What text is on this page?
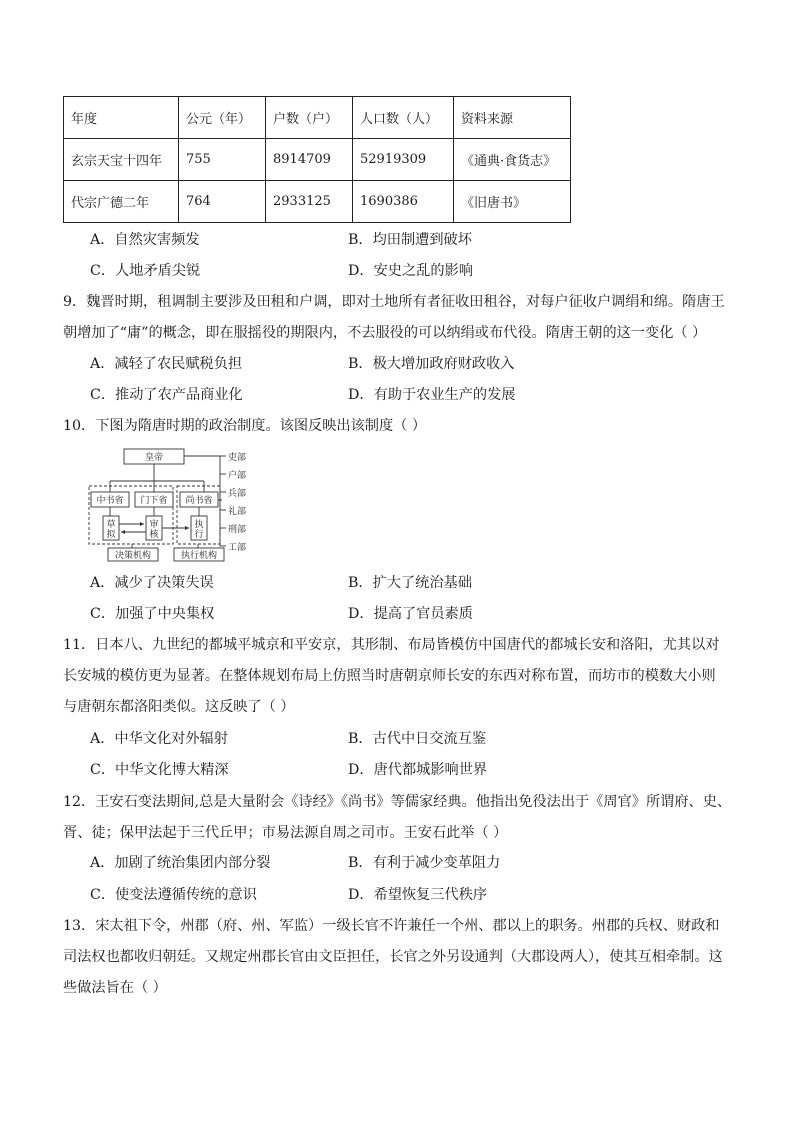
年度	公元（年）	户数（户）	人口数（人）	资料来源
玄宗天宝十四年	755	8914709	52919309	《通典·食货志》
代宗广德二年	764	2933125	1690386	《旧唐书》
A．自然灾害频发	B．均田制遭到破坏
C．人地矛盾尖锐	D．安史之乱的影响
9．魏晋时期，租调制主要涉及田租和户调，即对土地所有者征收田租谷，对每户征收户调绢和绵。隋唐王
朝增加了“庸”的概念，即在服摇役的期限内，不去服役的可以纳绢或布代役。隋唐王朝的这一变化（ ）
A．减轻了农民赋税负担	B．极大增加政府财政收入
C．推动了农产品商业化	D．有助于农业生产的发展
10．下图为隋唐时期的政治制度。该图反映出该制度（ ）
皇帝
中书省 门下省 尚书省
草
拟
审
核
执
行
决策机构	执行机构
吏部
户部
兵部
礼部
刑部
工部
A．减少了决策失误	B．扩大了统治基础
C．加强了中央集权	D．提高了官员素质
11．日本八、九世纪的都城平城京和平安京，其形制、布局皆模仿中国唐代的都城长安和洛阳，尤其以对
长安城的模仿更为显著。在整体规划布局上仿照当时唐朝京师长安的东西对称布置，而坊市的模数大小则
与唐朝东都洛阳类似。这反映了（ ）
A．中华文化对外辐射	B．古代中日交流互鉴
C．中华文化博大精深	D．唐代都城影响世界
12．王安石变法期间,总是大量附会《诗经》《尚书》等儒家经典。他指出免役法出于《周官》所谓府、史、
胥、徒；保甲法起于三代丘甲；市易法源自周之司市。王安石此举（ ）
A．加剧了统治集团内部分裂	B．有利于减少变革阻力
C．使变法遵循传统的意识	D．希望恢复三代秩序
13．宋太祖下令，州郡（府、州、军监）一级长官不许兼任一个州、郡以上的职务。州郡的兵权、财政和
司法权也都收归朝廷。又规定州郡长官由文臣担任，长官之外另设通判（大郡设两人），使其互相牵制。这
些做法旨在（ ）
